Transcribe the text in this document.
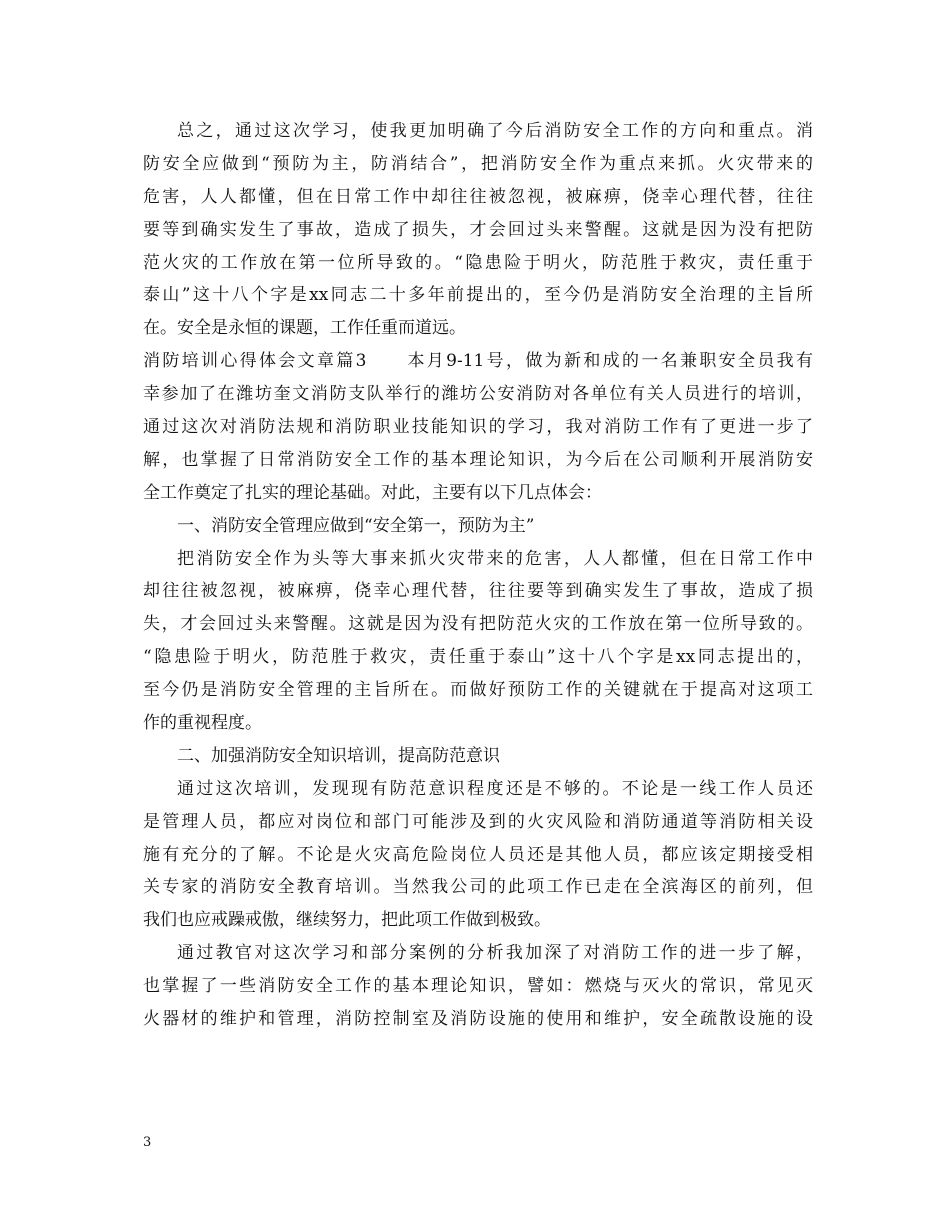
总之，通过这次学习，使我更加明确了今后消防安全工作的方向和重点。消
防安全应做到“预防为主，防消结合”，把消防安全作为重点来抓。火灾带来的
危害，人人都懂，但在日常工作中却往往被忽视，被麻痹，侥幸心理代替，往往
要等到确实发生了事故，造成了损失，才会回过头来警醒。这就是因为没有把防
范火灾的工作放在第一位所导致的。“隐患险于明火，防范胜于救灾，责任重于
泰山”这十八个字是xx同志二十多年前提出的，至今仍是消防安全治理的主旨所
在。安全是永恒的课题，工作任重而道远。
消防培训心得体会文章篇3　　本月9-11号，做为新和成的一名兼职安全员我有
幸参加了在潍坊奎文消防支队举行的潍坊公安消防对各单位有关人员进行的培训，
通过这次对消防法规和消防职业技能知识的学习，我对消防工作有了更进一步了
解，也掌握了日常消防安全工作的基本理论知识，为今后在公司顺利开展消防安
全工作奠定了扎实的理论基础。对此，主要有以下几点体会：
一、消防安全管理应做到“安全第一，预防为主”
把消防安全作为头等大事来抓火灾带来的危害，人人都懂，但在日常工作中
却往往被忽视，被麻痹，侥幸心理代替，往往要等到确实发生了事故，造成了损
失，才会回过头来警醒。这就是因为没有把防范火灾的工作放在第一位所导致的。
“隐患险于明火，防范胜于救灾，责任重于泰山”这十八个字是xx同志提出的，
至今仍是消防安全管理的主旨所在。而做好预防工作的关键就在于提高对这项工
作的重视程度。
二、加强消防安全知识培训，提高防范意识
通过这次培训，发现现有防范意识程度还是不够的。不论是一线工作人员还
是管理人员，都应对岗位和部门可能涉及到的火灾风险和消防通道等消防相关设
施有充分的了解。不论是火灾高危险岗位人员还是其他人员，都应该定期接受相
关专家的消防安全教育培训。当然我公司的此项工作已走在全滨海区的前列，但
我们也应戒躁戒傲，继续努力，把此项工作做到极致。
通过教官对这次学习和部分案例的分析我加深了对消防工作的进一步了解，
也掌握了一些消防安全工作的基本理论知识，譬如：燃烧与灭火的常识，常见灭
火器材的维护和管理，消防控制室及消防设施的使用和维护，安全疏散设施的设
3
